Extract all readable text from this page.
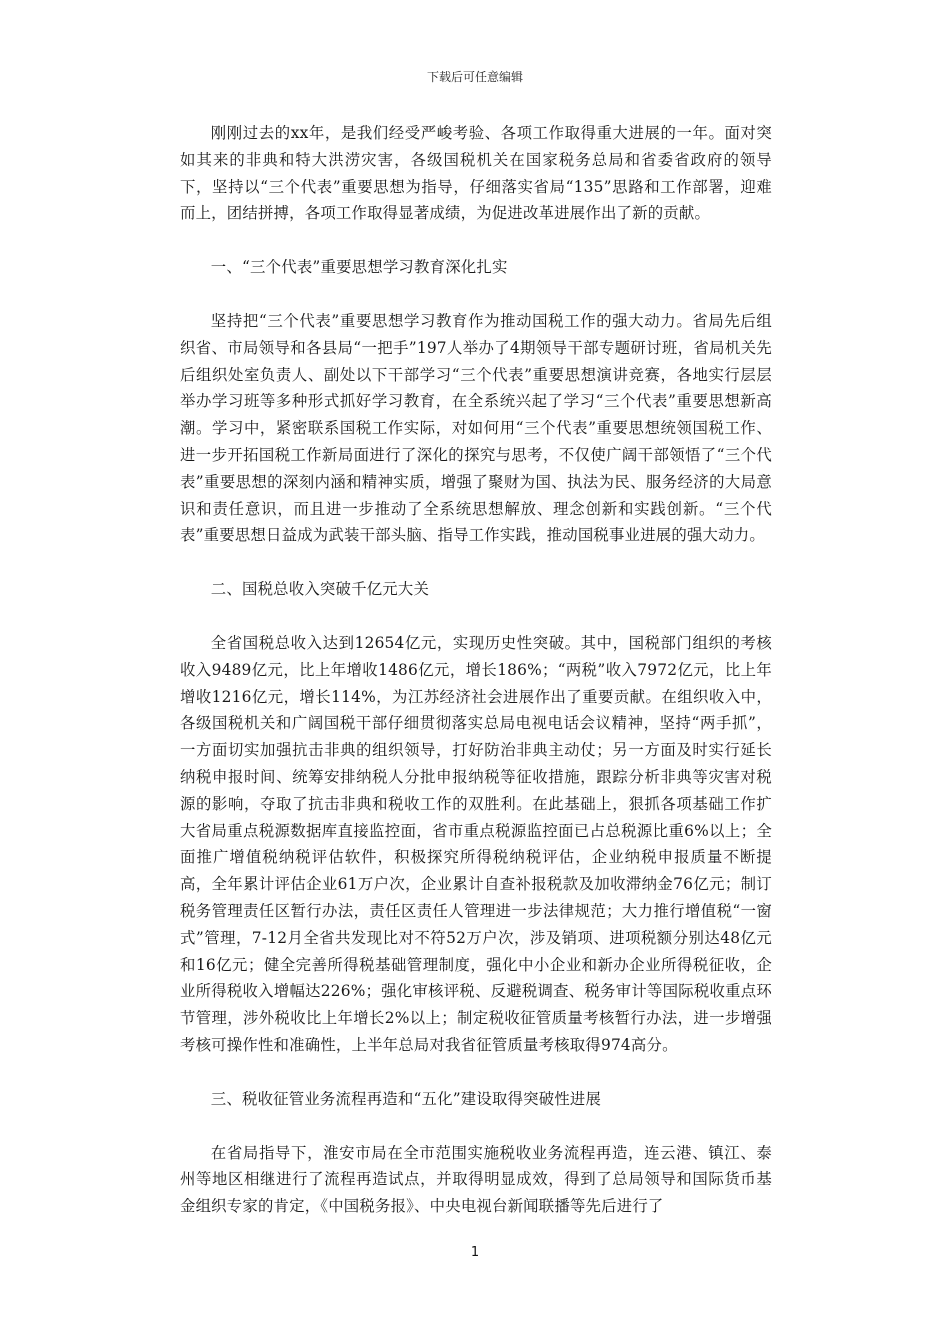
下载后可任意编辑

刚刚过去的xx年，是我们经受严峻考验、各项工作取得重大进展的一年。面对突如其来的非典和特大洪涝灾害，各级国税机关在国家税务总局和省委省政府的领导下，坚持以“三个代表”重要思想为指导，仔细落实省局“135”思路和工作部署，迎难而上，团结拼搏，各项工作取得显著成绩，为促进改革进展作出了新的贡献。

一、“三个代表”重要思想学习教育深化扎实

坚持把“三个代表”重要思想学习教育作为推动国税工作的强大动力。省局先后组织省、市局领导和各县局“一把手”197人举办了4期领导干部专题研讨班，省局机关先后组织处室负责人、副处以下干部学习“三个代表”重要思想演讲竞赛，各地实行层层举办学习班等多种形式抓好学习教育，在全系统兴起了学习“三个代表”重要思想新高潮。学习中，紧密联系国税工作实际，对如何用“三个代表”重要思想统领国税工作、进一步开拓国税工作新局面进行了深化的探究与思考，不仅使广阔干部领悟了“三个代表”重要思想的深刻内涵和精神实质，增强了聚财为国、执法为民、服务经济的大局意识和责任意识，而且进一步推动了全系统思想解放、理念创新和实践创新。“三个代表”重要思想日益成为武装干部头脑、指导工作实践，推动国税事业进展的强大动力。

二、国税总收入突破千亿元大关

全省国税总收入达到12654亿元，实现历史性突破。其中，国税部门组织的考核收入9489亿元，比上年增收1486亿元，增长186%；“两税”收入7972亿元，比上年增收1216亿元，增长114%，为江苏经济社会进展作出了重要贡献。在组织收入中，各级国税机关和广阔国税干部仔细贯彻落实总局电视电话会议精神，坚持“两手抓”，一方面切实加强抗击非典的组织领导，打好防治非典主动仗；另一方面及时实行延长纳税申报时间、统筹安排纳税人分批申报纳税等征收措施，跟踪分析非典等灾害对税源的影响，夺取了抗击非典和税收工作的双胜利。在此基础上，狠抓各项基础工作扩大省局重点税源数据库直接监控面，省市重点税源监控面已占总税源比重6%以上；全面推广增值税纳税评估软件，积极探究所得税纳税评估，企业纳税申报质量不断提高，全年累计评估企业61万户次，企业累计自查补报税款及加收滞纳金76亿元；制订税务管理责任区暂行办法，责任区责任人管理进一步法律规范；大力推行增值税“一窗式”管理，7-12月全省共发现比对不符52万户次，涉及销项、进项税额分别达48亿元和16亿元；健全完善所得税基础管理制度，强化中小企业和新办企业所得税征收，企业所得税收入增幅达226%；强化审核评税、反避税调查、税务审计等国际税收重点环节管理，涉外税收比上年增长2%以上；制定税收征管质量考核暂行办法，进一步增强考核可操作性和准确性，上半年总局对我省征管质量考核取得974高分。

三、税收征管业务流程再造和“五化”建设取得突破性进展

在省局指导下，淮安市局在全市范围实施税收业务流程再造，连云港、镇江、泰州等地区相继进行了流程再造试点，并取得明显成效，得到了总局领导和国际货币基金组织专家的肯定，《中国税务报》、中央电视台新闻联播等先后进行了

1
